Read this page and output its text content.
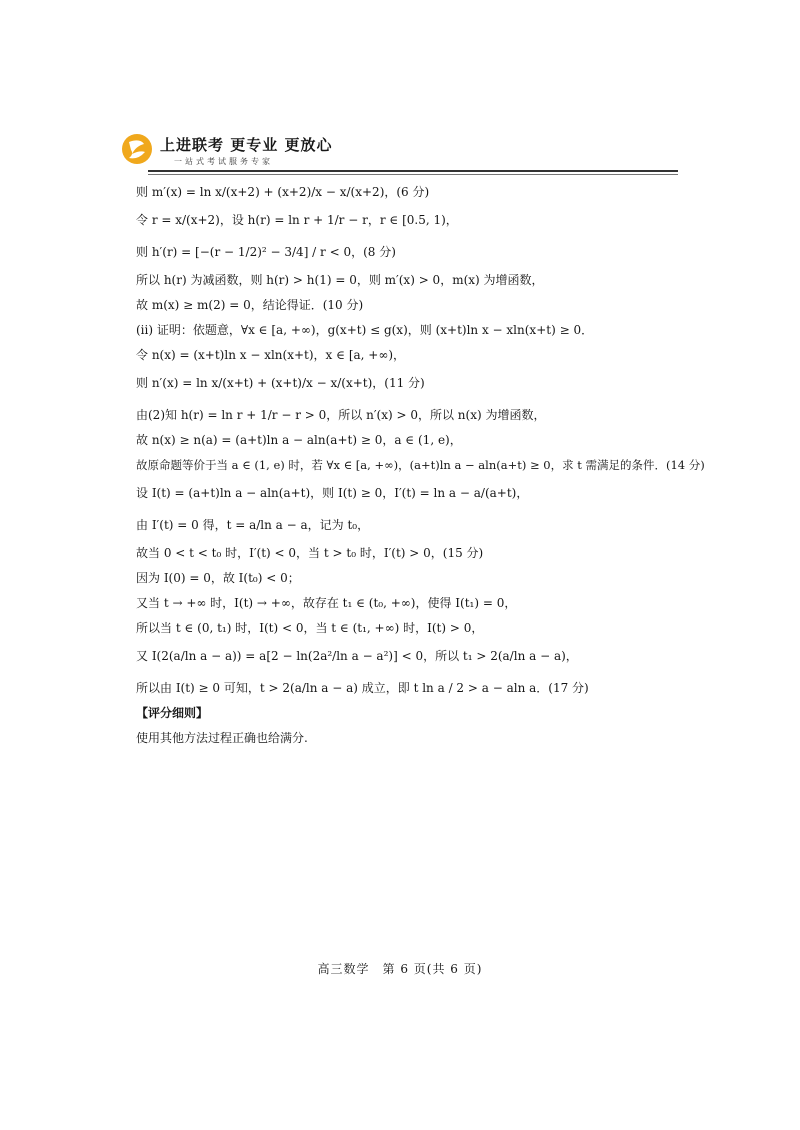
上进联考 更专业 更放心
一站式考试服务专家
则 m′(x) = ln x/(x+2) + (x+2)/x − x/(x+2)，(6 分)
令 r = x/(x+2)，设 h(r) = ln r + 1/r − r，r ∈ [0.5, 1)，
则 h′(r) = [−(r − 1/2)² − 3/4] / r < 0，(8 分)
所以 h(r) 为减函数，则 h(r) > h(1) = 0，则 m′(x) > 0，m(x) 为增函数，
故 m(x) ≥ m(2) = 0，结论得证．(10 分)
(ii) 证明：依题意，∀x ∈ [a, +∞)，g(x+t) ≤ g(x)，则 (x+t)ln x − xln(x+t) ≥ 0．
令 n(x) = (x+t)ln x − xln(x+t)，x ∈ [a, +∞)，
则 n′(x) = ln x/(x+t) + (x+t)/x − x/(x+t)，(11 分)
由(2)知 h(r) = ln r + 1/r − r > 0，所以 n′(x) > 0，所以 n(x) 为增函数，
故 n(x) ≥ n(a) = (a+t)ln a − aln(a+t) ≥ 0，a ∈ (1, e)，
故原命题等价于当 a ∈ (1, e) 时，若 ∀x ∈ [a, +∞)，(a+t)ln a − aln(a+t) ≥ 0，求 t 需满足的条件．(14 分)
设 I(t) = (a+t)ln a − aln(a+t)，则 I(t) ≥ 0，I′(t) = ln a − a/(a+t)，
由 I′(t) = 0 得，t = a/ln a − a，记为 t₀，
故当 0 < t < t₀ 时，I′(t) < 0，当 t > t₀ 时，I′(t) > 0，(15 分)
因为 I(0) = 0，故 I(t₀) < 0；
又当 t → +∞ 时，I(t) → +∞，故存在 t₁ ∈ (t₀, +∞)，使得 I(t₁) = 0，
所以当 t ∈ (0, t₁) 时，I(t) < 0，当 t ∈ (t₁, +∞) 时，I(t) > 0，
又 I(2(a/ln a − a)) = a[2 − ln(2a²/ln a − a²)] < 0，所以 t₁ > 2(a/ln a − a)，
所以由 I(t) ≥ 0 可知，t > 2(a/ln a − a) 成立，即 t ln a / 2 > a − aln a．(17 分)
【评分细则】
使用其他方法过程正确也给满分.
高三数学　第 6 页(共 6 页)
